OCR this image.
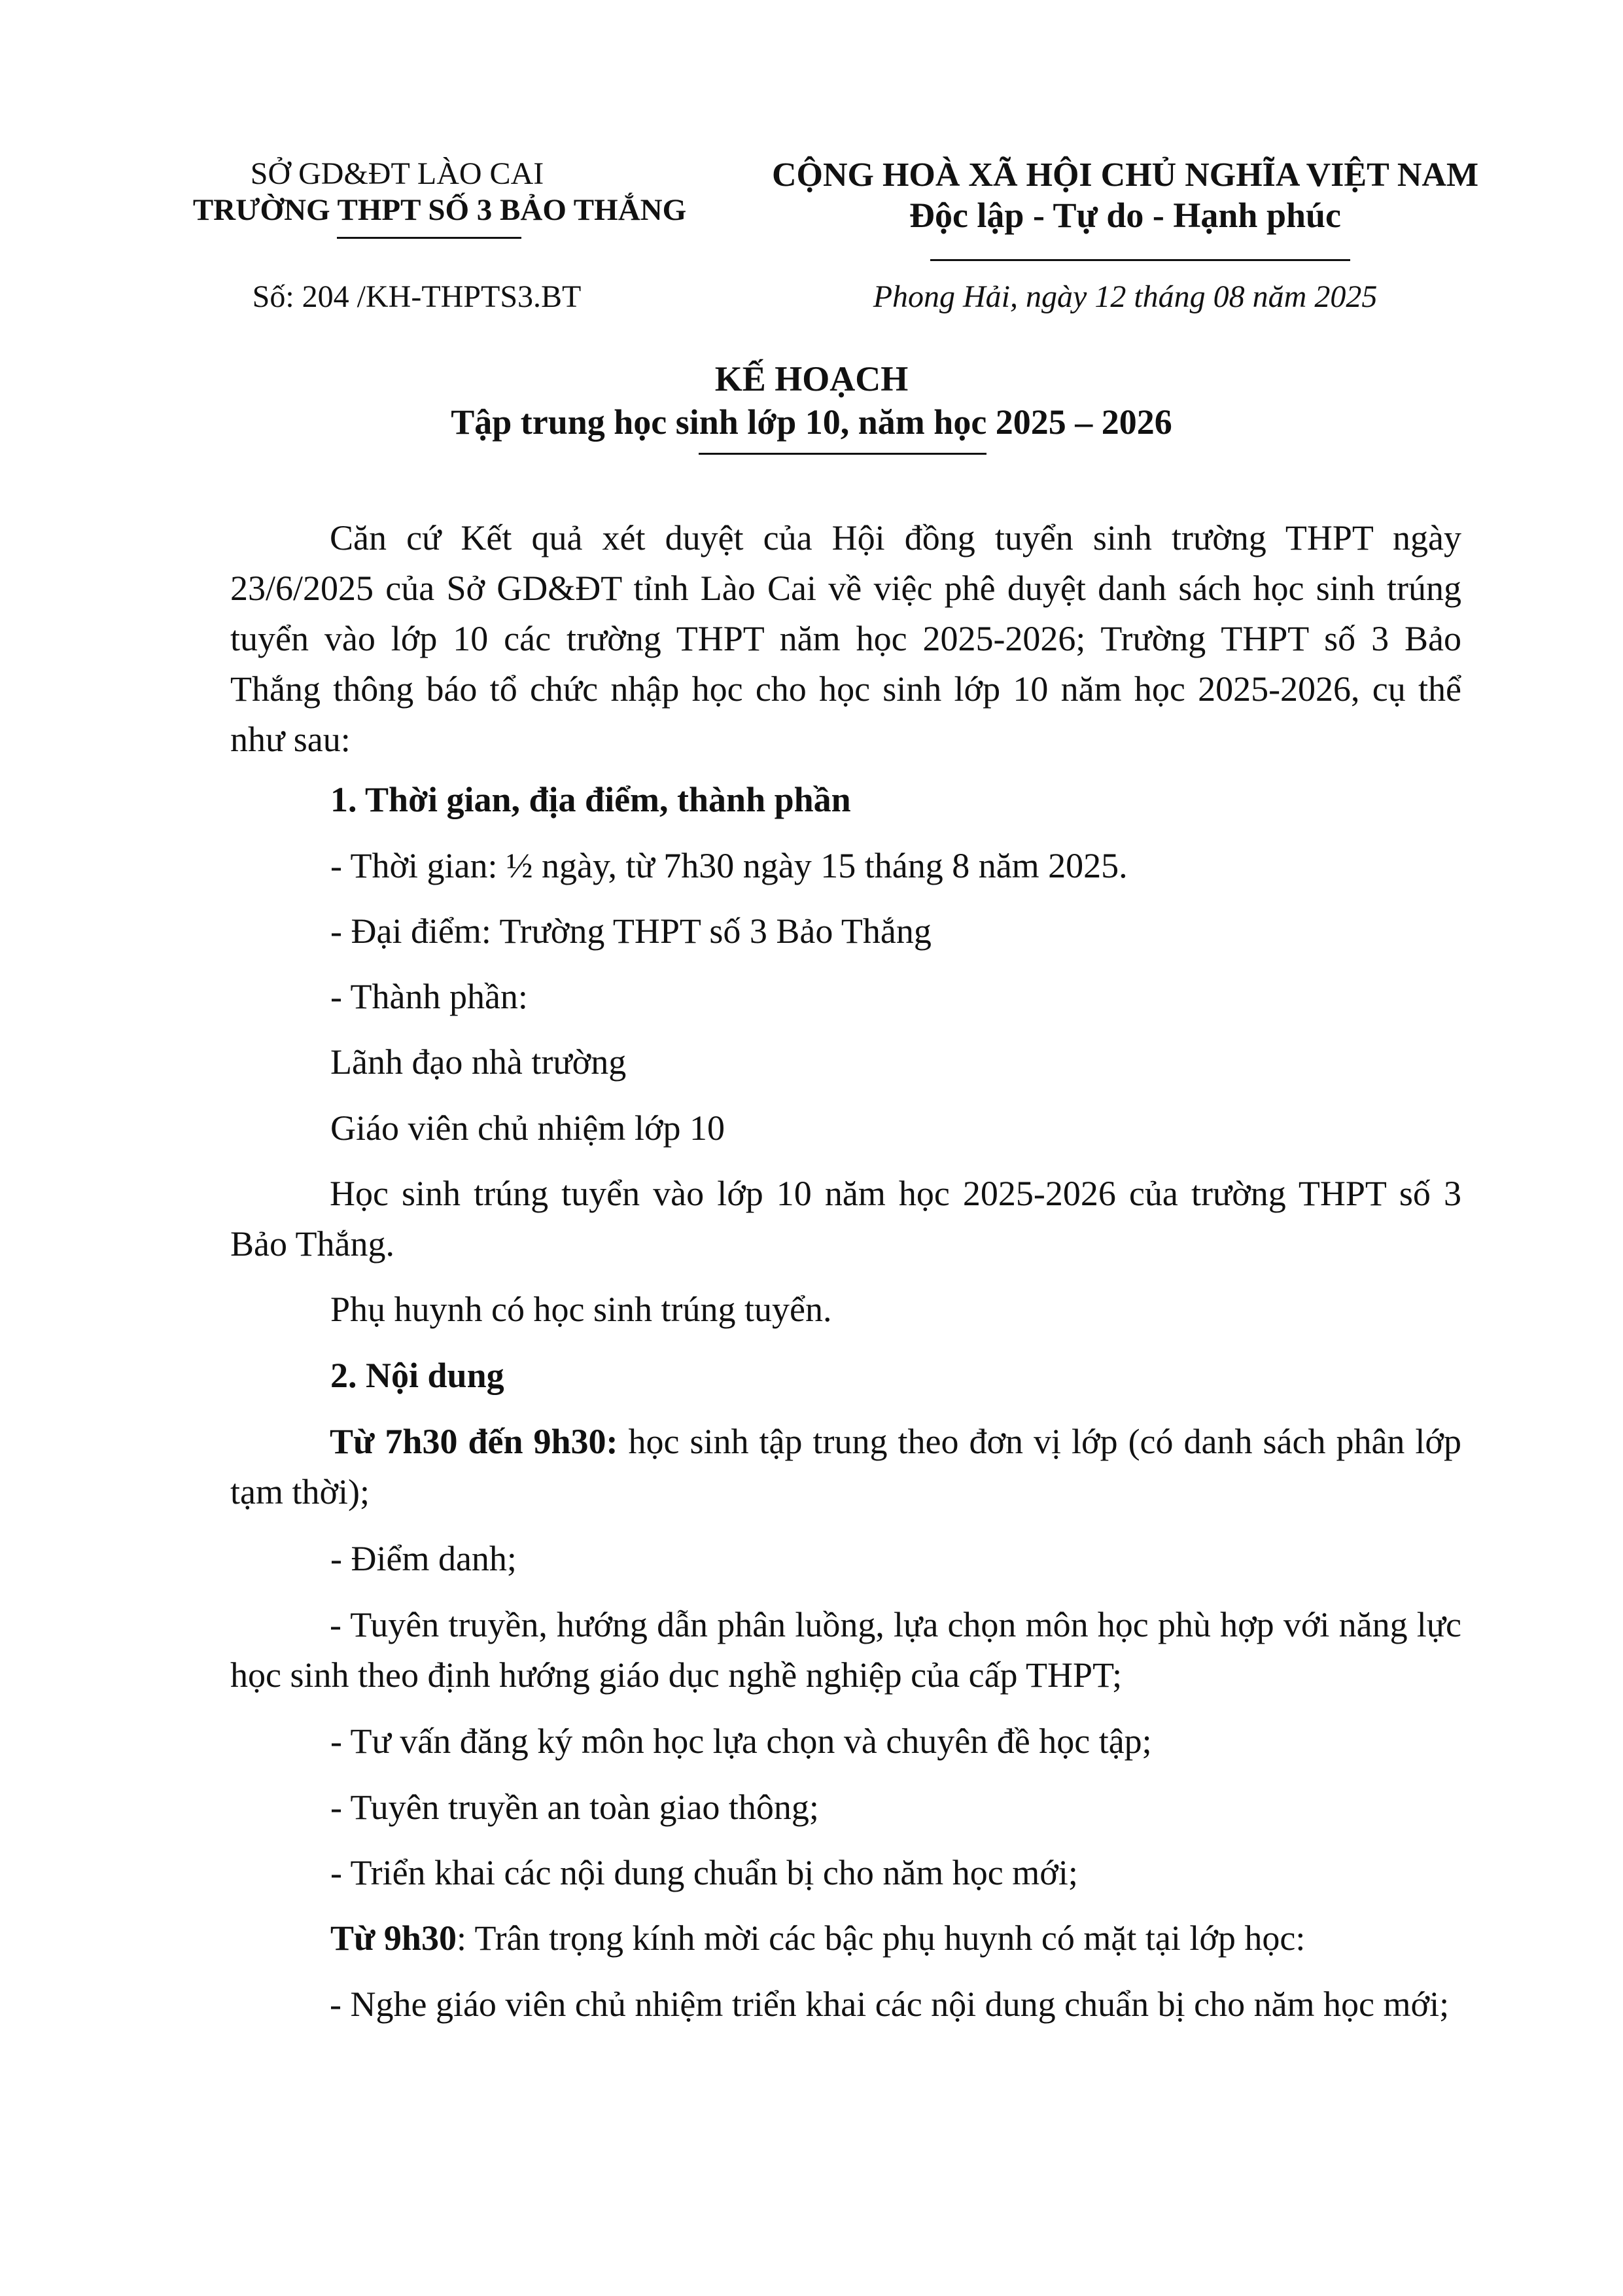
SỞ GD&ĐT LÀO CAI
TRƯỜNG THPT SỐ 3 BẢO THẮNG
Số: 204 /KH-THPTS3.BT
CỘNG HOÀ XÃ HỘI CHỦ NGHĨA VIỆT NAM
Độc lập - Tự do - Hạnh phúc
Phong Hải, ngày 12 tháng 08 năm 2025
KẾ HOẠCH
Tập trung học sinh lớp 10, năm học 2025 – 2026
Căn cứ Kết quả xét duyệt của Hội đồng tuyển sinh trường THPT ngày 23/6/2025 của Sở GD&ĐT tỉnh Lào Cai về việc phê duyệt danh sách học sinh trúng tuyển vào lớp 10 các trường THPT năm học 2025-2026; Trường THPT số 3 Bảo Thắng thông báo tổ chức nhập học cho học sinh lớp 10 năm học 2025-2026, cụ thể như sau:
1. Thời gian, địa điểm, thành phần
- Thời gian: ½ ngày, từ 7h30 ngày 15 tháng 8 năm 2025.
- Đại điểm: Trường THPT số 3 Bảo Thắng
- Thành phần:
Lãnh đạo nhà trường
Giáo viên chủ nhiệm lớp 10
Học sinh trúng tuyển vào lớp 10 năm học 2025-2026 của trường THPT số 3 Bảo Thắng.
Phụ huynh có học sinh trúng tuyển.
2. Nội dung
Từ 7h30 đến 9h30: học sinh tập trung theo đơn vị lớp (có danh sách phân lớp tạm thời);
- Điểm danh;
- Tuyên truyền, hướng dẫn phân luồng, lựa chọn môn học phù hợp với năng lực học sinh theo định hướng giáo dục nghề nghiệp của cấp THPT;
- Tư vấn đăng ký môn học lựa chọn và chuyên đề học tập;
- Tuyên truyền an toàn giao thông;
- Triển khai các nội dung chuẩn bị cho năm học mới;
Từ 9h30: Trân trọng kính mời các bậc phụ huynh có mặt tại lớp học:
- Nghe giáo viên chủ nhiệm triển khai các nội dung chuẩn bị cho năm học mới;
